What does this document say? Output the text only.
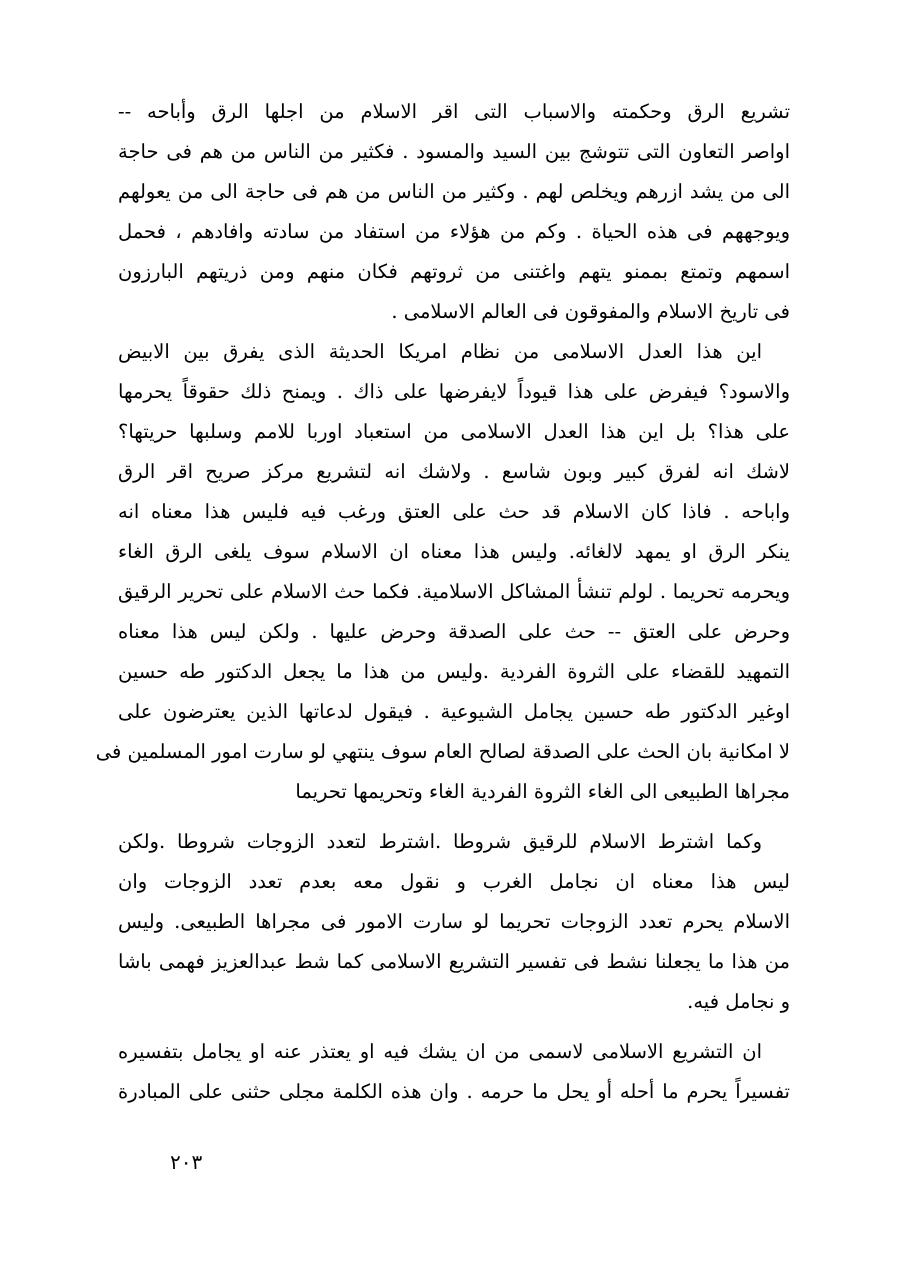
تشريع الرق وحكمته والاسباب التى اقر الاسلام من اجلها الرق وأباحه --
اواصر التعاون التى تتوشج بين السيد والمسود . فكثير من الناس من هم فى حاجة
الى من يشد ازرهم ويخلص لهم . وكثير من الناس من هم فى حاجة الى من يعولهم
ويوجههم فى هذه الحياة . وكم من هؤلاء من استفاد من سادته وافادهم ، فحمل
اسمهم وتمتع بممنو يتهم واغتنى من ثروتهم فكان منهم ومن ذريتهم البارزون
فى تاريخ الاسلام والمفوقون فى العالم الاسلامى .
اين هذا العدل الاسلامى من نظام امريكا الحديثة الذى يفرق بين الابيض
والاسود؟ فيفرض على هذا قيوداً لايفرضها على ذاك . ويمنح ذلك حقوقاً يحرمها
على هذا؟ بل اين هذا العدل الاسلامى من استعباد اوربا للامم وسلبها حريتها؟
لاشك انه لفرق كبير وبون شاسع . ولاشك انه لتشريع مركز صريح اقر الرق
واباحه . فاذا كان الاسلام قد حث على العتق ورغب فيه فليس هذا معناه انه
ينكر الرق او يمهد لالغائه. وليس هذا معناه ان الاسلام سوف يلغى الرق الغاء
ويحرمه تحريما . لولم تنشأ المشاكل الاسلامية. فكما حث الاسلام على تحرير الرقيق
وحرض على العتق -- حث على الصدقة وحرض عليها . ولكن ليس هذا معناه
التمهيد للقضاء على الثروة الفردية .وليس من هذا ما يجعل الدكتور طه حسين
اوغير الدكتور طه حسين يجامل الشيوعية . فيقول لدعاتها الذين يعترضون على
لا امكانية بان الحث على الصدقة لصالح العام سوف ينتهي لو سارت امور المسلمين فى
مجراها الطبيعى الى الغاء الثروة الفردية الغاء وتحريمها تحريما
وكما اشترط الاسلام للرقيق شروطا .اشترط لتعدد الزوجات شروطا .ولكن
ليس هذا معناه ان نجامل الغرب و نقول معه بعدم تعدد الزوجات وان
الاسلام يحرم تعدد الزوجات تحريما لو سارت الامور فى مجراها الطبيعى. وليس
من هذا ما يجعلنا نشط فى تفسير التشريع الاسلامى كما شط عبدالعزيز فهمى باشا
و نجامل فيه.
ان التشريع الاسلامى لاسمى من ان يشك فيه او يعتذر عنه او يجامل بتفسيره
تفسيراً يحرم ما أحله أو يحل ما حرمه . وان هذه الكلمة مجلى حثنى على المبادرة
٢٠٣
